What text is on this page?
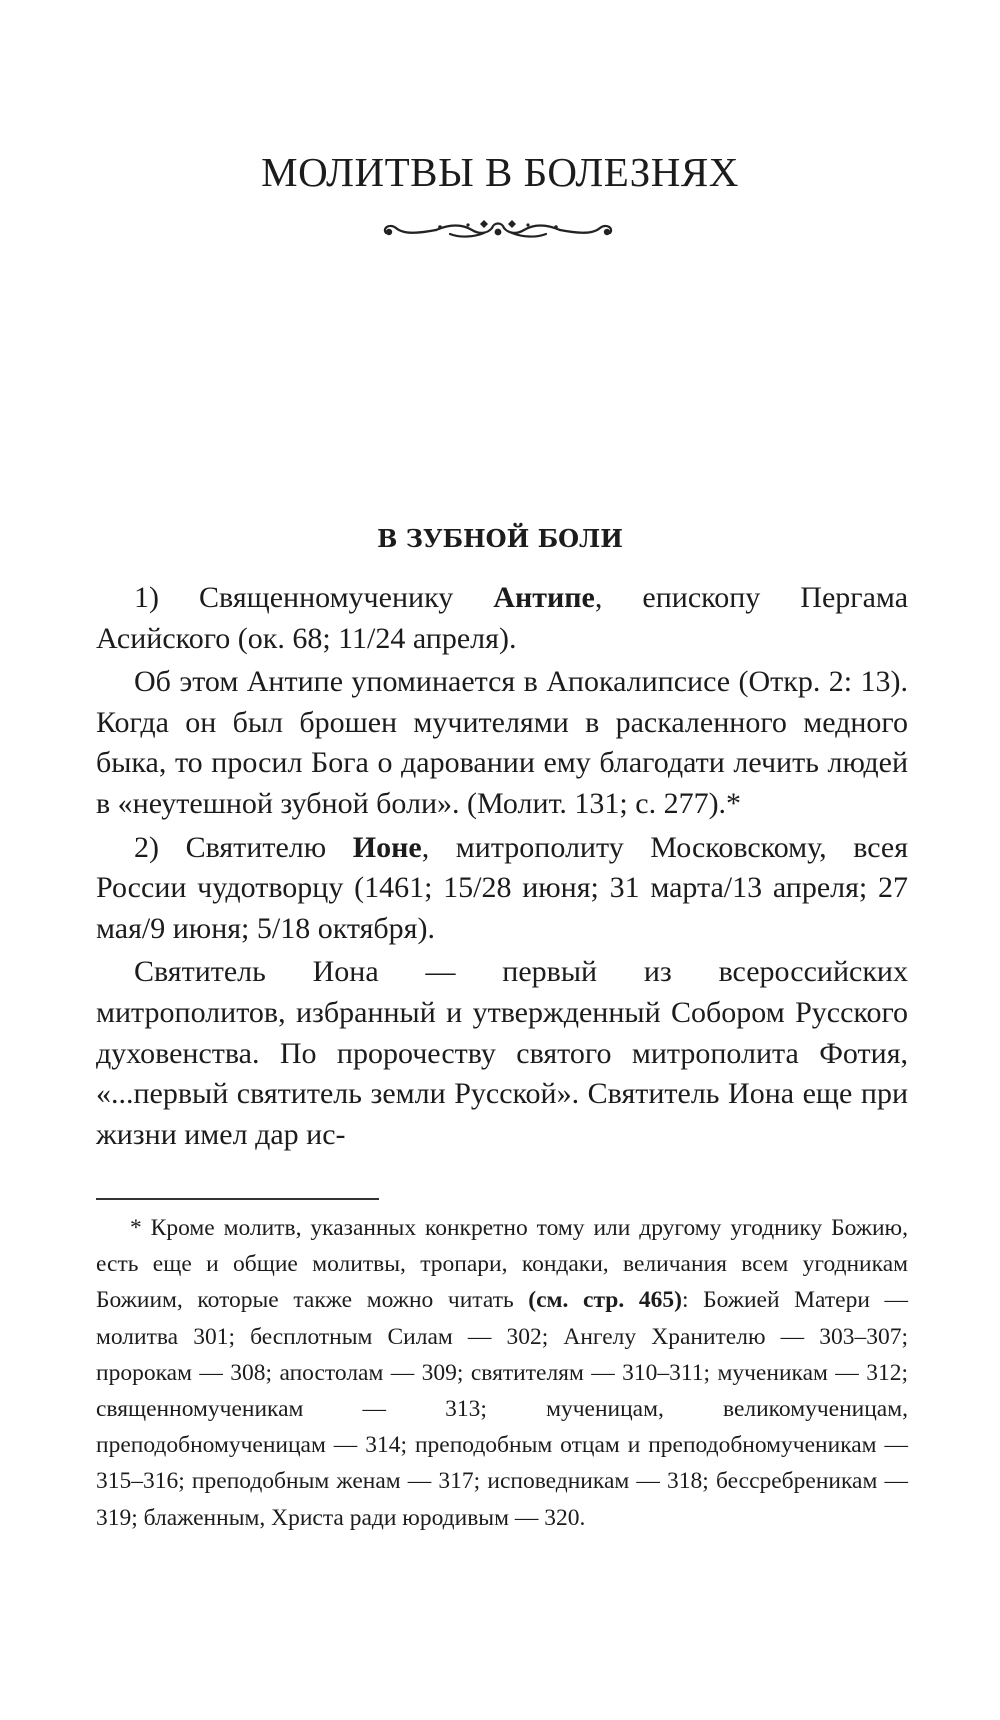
МОЛИТВЫ В БОЛЕЗНЯХ
В ЗУБНОЙ БОЛИ

1) Священномученику Антипе, епископу Пергама Асийского (ок. 68; 11/24 апреля).

Об этом Антипе упоминается в Апокалипсисе (Откр. 2: 13). Когда он был брошен мучителями в раскаленного медного быка, то просил Бога о даровании ему благодати лечить людей в «неутешной зубной боли». (Молит. 131; с. 277).*

2) Святителю Ионе, митрополиту Московскому, всея России чудотворцу (1461; 15/28 июня; 31 марта/13 апреля; 27 мая/9 июня; 5/18 октября).

Святитель Иона — первый из всероссийских митрополитов, избранный и утвержденный Собором Русского духовенства. По пророчеству святого митрополита Фотия, «...первый святитель земли Русской». Святитель Иона еще при жизни имел дар ис-

* Кроме молитв, указанных конкретно тому или другому угоднику Божию, есть еще и общие молитвы, тропари, кондаки, величания всем угодникам Божиим, которые также можно читать (см. стр. 465): Божией Матери — молитва 301; бесплотным Силам — 302; Ангелу Хранителю — 303–307; пророкам — 308; апостолам — 309; святителям — 310–311; мученикам — 312; священномученикам — 313; мученицам, великомученицам, преподобномученицам — 314; преподобным отцам и преподобномученикам — 315–316; преподобным женам — 317; исповедникам — 318; бессребреникам — 319; блаженным, Христа ради юродивым — 320.
